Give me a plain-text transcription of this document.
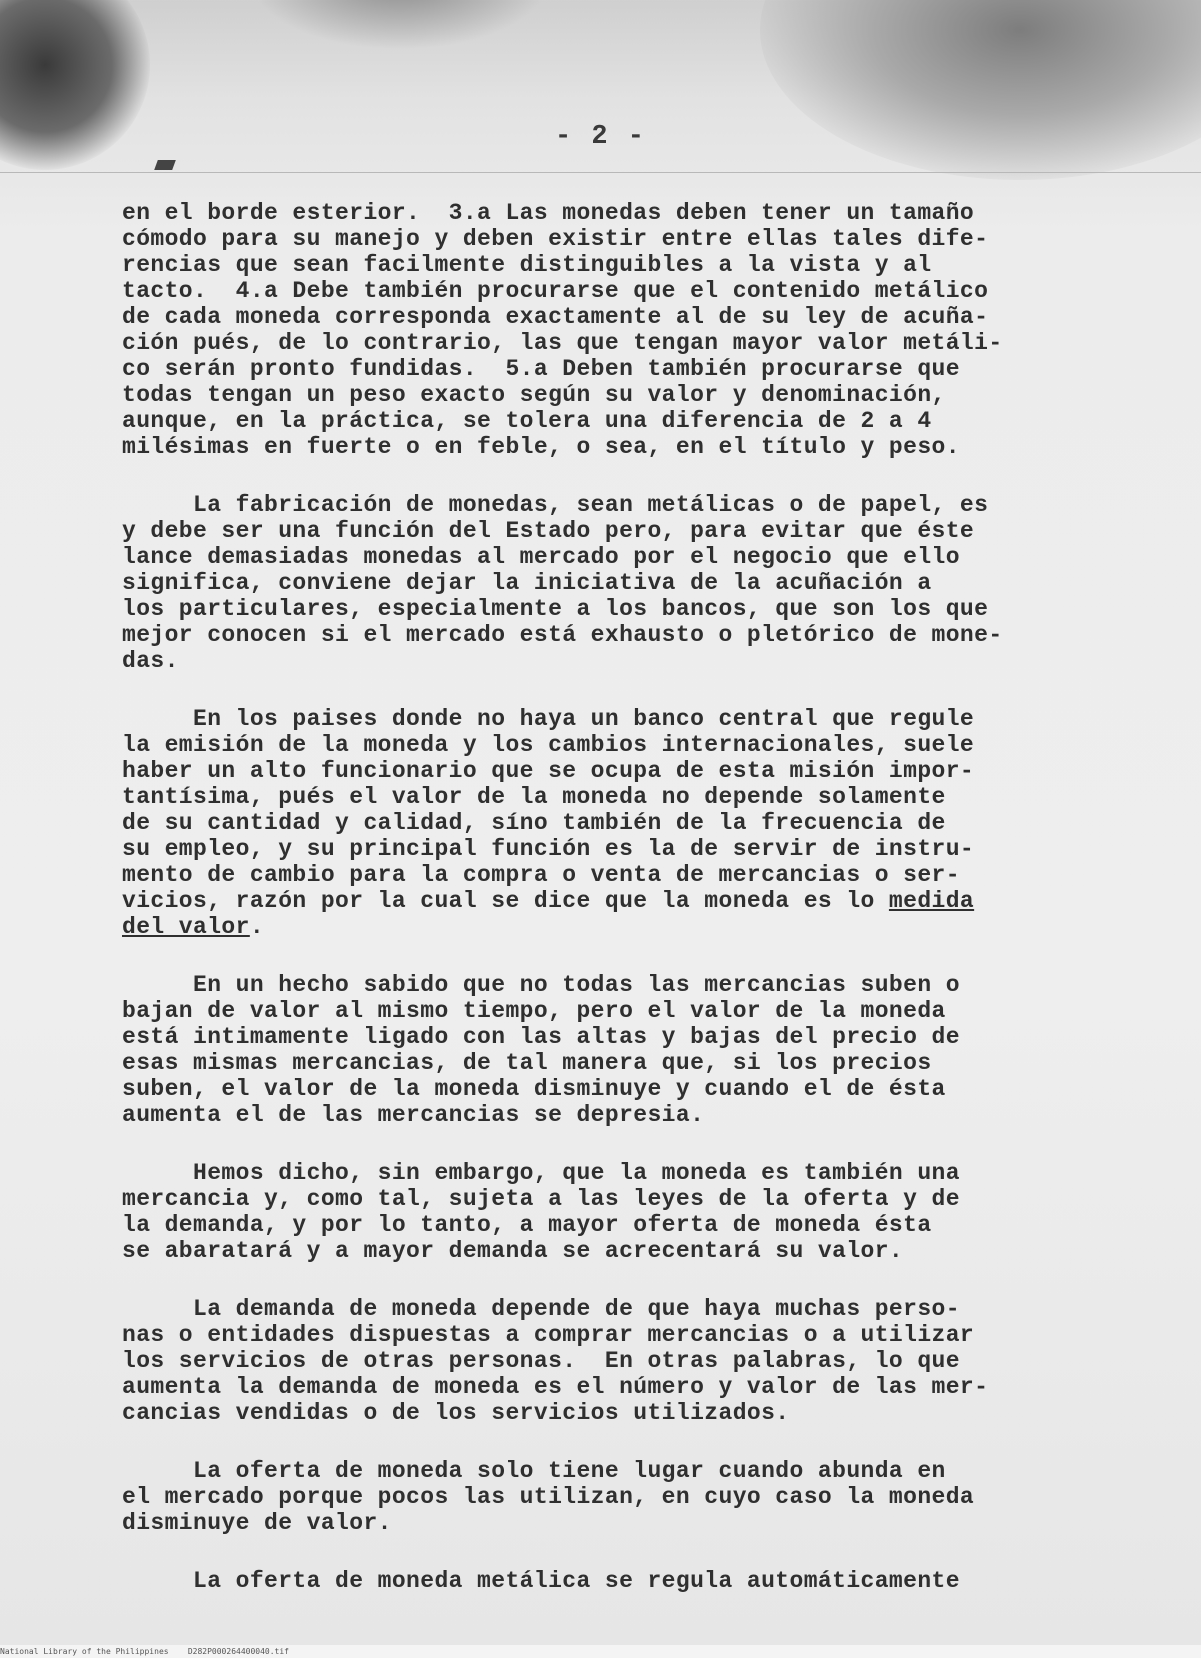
- 2 -
en el borde esterior.  3.a Las monedas deben tener un tamaño
cómodo para su manejo y deben existir entre ellas tales dife-
rencias que sean facilmente distinguibles a la vista y al
tacto.  4.a Debe también procurarse que el contenido metálico
de cada moneda corresponda exactamente al de su ley de acuña-
ción pués, de lo contrario, las que tengan mayor valor metáli-
co serán pronto fundidas.  5.a Deben también procurarse que
todas tengan un peso exacto según su valor y denominación,
aunque, en la práctica, se tolera una diferencia de 2 a 4
milésimas en fuerte o en feble, o sea, en el título y peso.
La fabricación de monedas, sean metálicas o de papel, es
y debe ser una función del Estado pero, para evitar que éste
lance demasiadas monedas al mercado por el negocio que ello
significa, conviene dejar la iniciativa de la acuñación a
los particulares, especialmente a los bancos, que son los que
mejor conocen si el mercado está exhausto o pletórico de mone-
das.
En los paises donde no haya un banco central que regule
la emisión de la moneda y los cambios internacionales, suele
haber un alto funcionario que se ocupa de esta misión impor-
tantísima, pués el valor de la moneda no depende solamente
de su cantidad y calidad, síno también de la frecuencia de
su empleo, y su principal función es la de servir de instru-
mento de cambio para la compra o venta de mercancias o ser-
vicios, razón por la cual se dice que la moneda es lo medida
del valor.
En un hecho sabido que no todas las mercancias suben o
bajan de valor al mismo tiempo, pero el valor de la moneda
está intimamente ligado con las altas y bajas del precio de
esas mismas mercancias, de tal manera que, si los precios
suben, el valor de la moneda disminuye y cuando el de ésta
aumenta el de las mercancias se depresia.
Hemos dicho, sin embargo, que la moneda es también una
mercancia y, como tal, sujeta a las leyes de la oferta y de
la demanda, y por lo tanto, a mayor oferta de moneda ésta
se abaratará y a mayor demanda se acrecentará su valor.
La demanda de moneda depende de que haya muchas perso-
nas o entidades dispuestas a comprar mercancias o a utilizar
los servicios de otras personas.  En otras palabras, lo que
aumenta la demanda de moneda es el número y valor de las mer-
cancias vendidas o de los servicios utilizados.
La oferta de moneda solo tiene lugar cuando abunda en
el mercado porque pocos las utilizan, en cuyo caso la moneda
disminuye de valor.
La oferta de moneda metálica se regula automáticamente
National Library of the Philippines    D282P000264400040.tif
